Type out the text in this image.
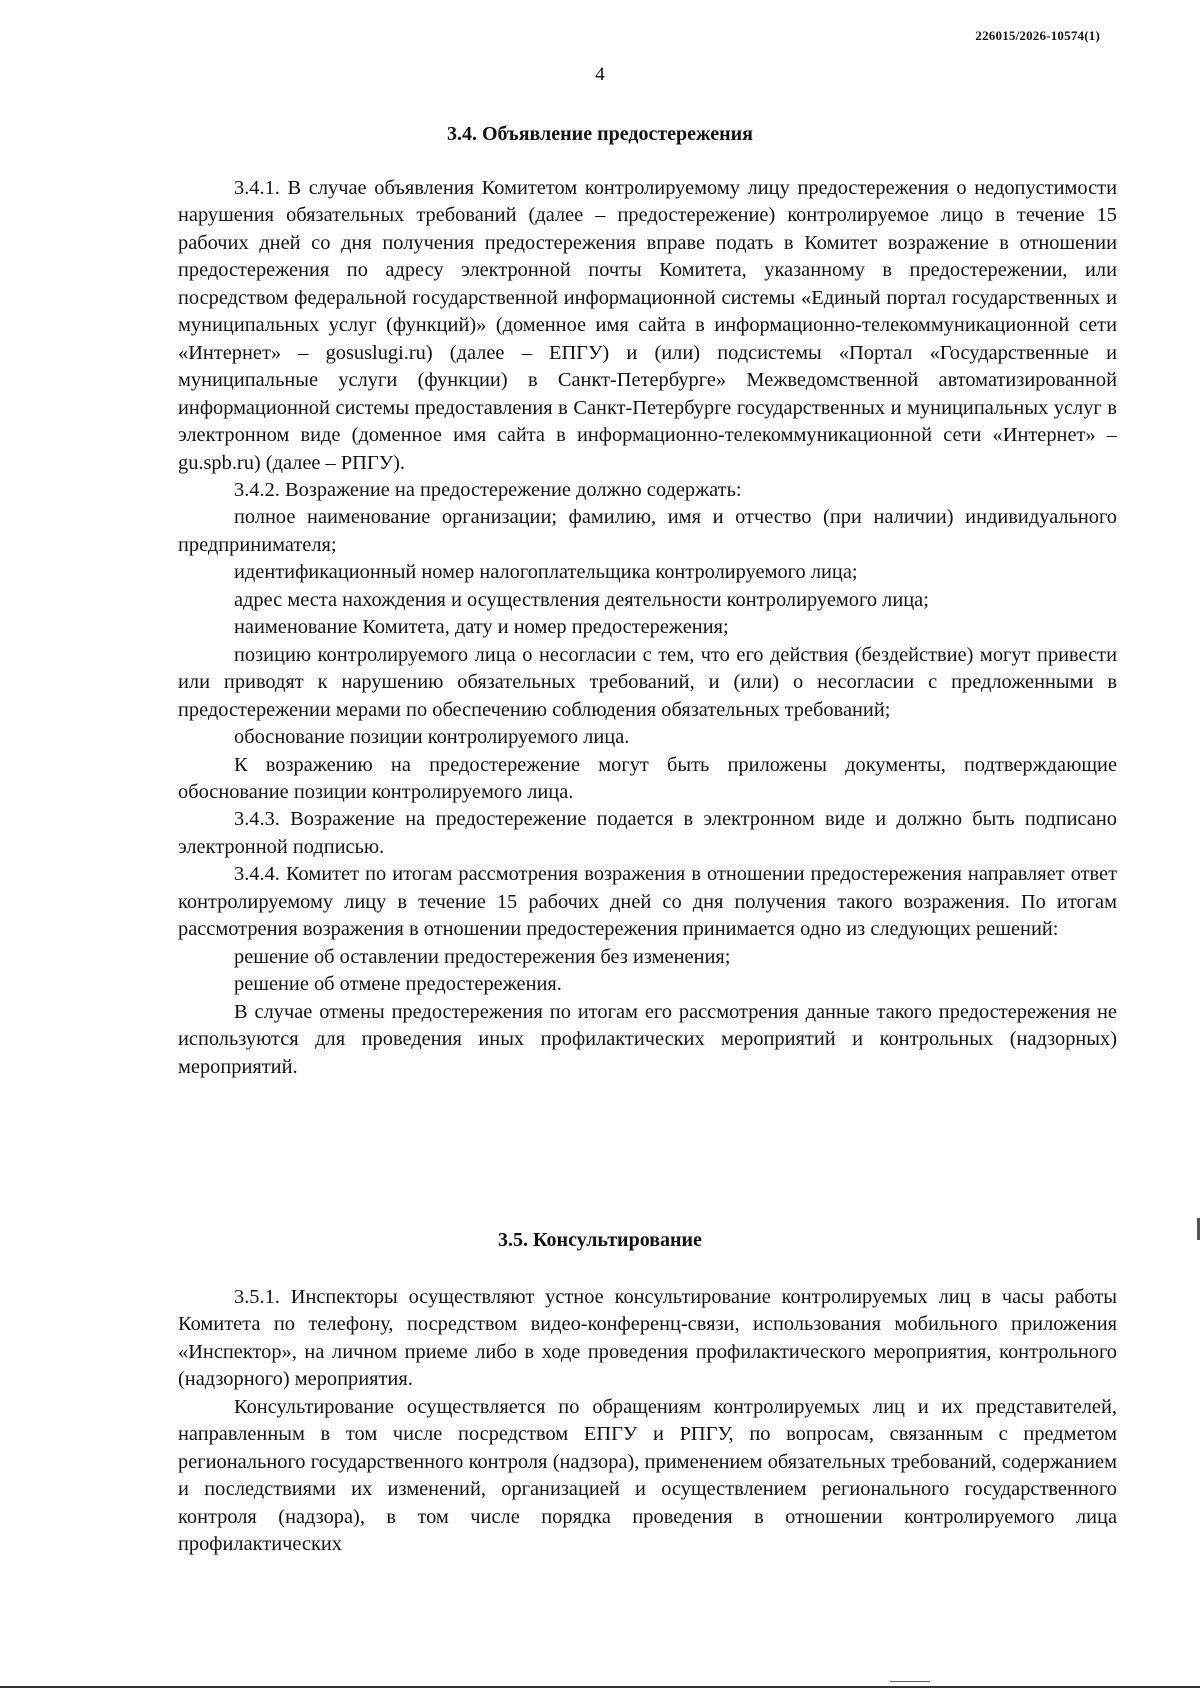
226015/2026-10574(1)
4
3.4. Объявление предостережения

3.4.1. В случае объявления Комитетом контролируемому лицу предостережения о недопустимости нарушения обязательных требований (далее – предостережение) контролируемое лицо в течение 15 рабочих дней со дня получения предостережения вправе подать в Комитет возражение в отношении предостережения по адресу электронной почты Комитета, указанному в предостережении, или посредством федеральной государственной информационной системы «Единый портал государственных и муниципальных услуг (функций)» (доменное имя сайта в информационно-телекоммуникационной сети «Интернет» – gosuslugi.ru) (далее – ЕПГУ) и (или) подсистемы «Портал «Государственные и муниципальные услуги (функции) в Санкт-Петербурге» Межведомственной автоматизированной информационной системы предоставления в Санкт-Петербурге государственных и муниципальных услуг в электронном виде (доменное имя сайта в информационно-телекоммуникационной сети «Интернет» – gu.spb.ru) (далее – РПГУ).

3.4.2. Возражение на предостережение должно содержать:

полное наименование организации; фамилию, имя и отчество (при наличии) индивидуального предпринимателя;

идентификационный номер налогоплательщика контролируемого лица;

адрес места нахождения и осуществления деятельности контролируемого лица;

наименование Комитета, дату и номер предостережения;

позицию контролируемого лица о несогласии с тем, что его действия (бездействие) могут привести или приводят к нарушению обязательных требований, и (или) о несогласии с предложенными в предостережении мерами по обеспечению соблюдения обязательных требований;

обоснование позиции контролируемого лица.

К возражению на предостережение могут быть приложены документы, подтверждающие обоснование позиции контролируемого лица.

3.4.3. Возражение на предостережение подается в электронном виде и должно быть подписано электронной подписью.

3.4.4. Комитет по итогам рассмотрения возражения в отношении предостережения направляет ответ контролируемому лицу в течение 15 рабочих дней со дня получения такого возражения. По итогам рассмотрения возражения в отношении предостережения принимается одно из следующих решений:

решение об оставлении предостережения без изменения;

решение об отмене предостережения.

В случае отмены предостережения по итогам его рассмотрения данные такого предостережения не используются для проведения иных профилактических мероприятий и контрольных (надзорных) мероприятий.

3.5. Консультирование

3.5.1. Инспекторы осуществляют устное консультирование контролируемых лиц в часы работы Комитета по телефону, посредством видео-конференц-связи, использования мобильного приложения «Инспектор», на личном приеме либо в ходе проведения профилактического мероприятия, контрольного (надзорного) мероприятия.

Консультирование осуществляется по обращениям контролируемых лиц и их представителей, направленным в том числе посредством ЕПГУ и РПГУ, по вопросам, связанным с предметом регионального государственного контроля (надзора), применением обязательных требований, содержанием и последствиями их изменений, организацией и осуществлением регионального государственного контроля (надзора), в том числе порядка проведения в отношении контролируемого лица профилактических
